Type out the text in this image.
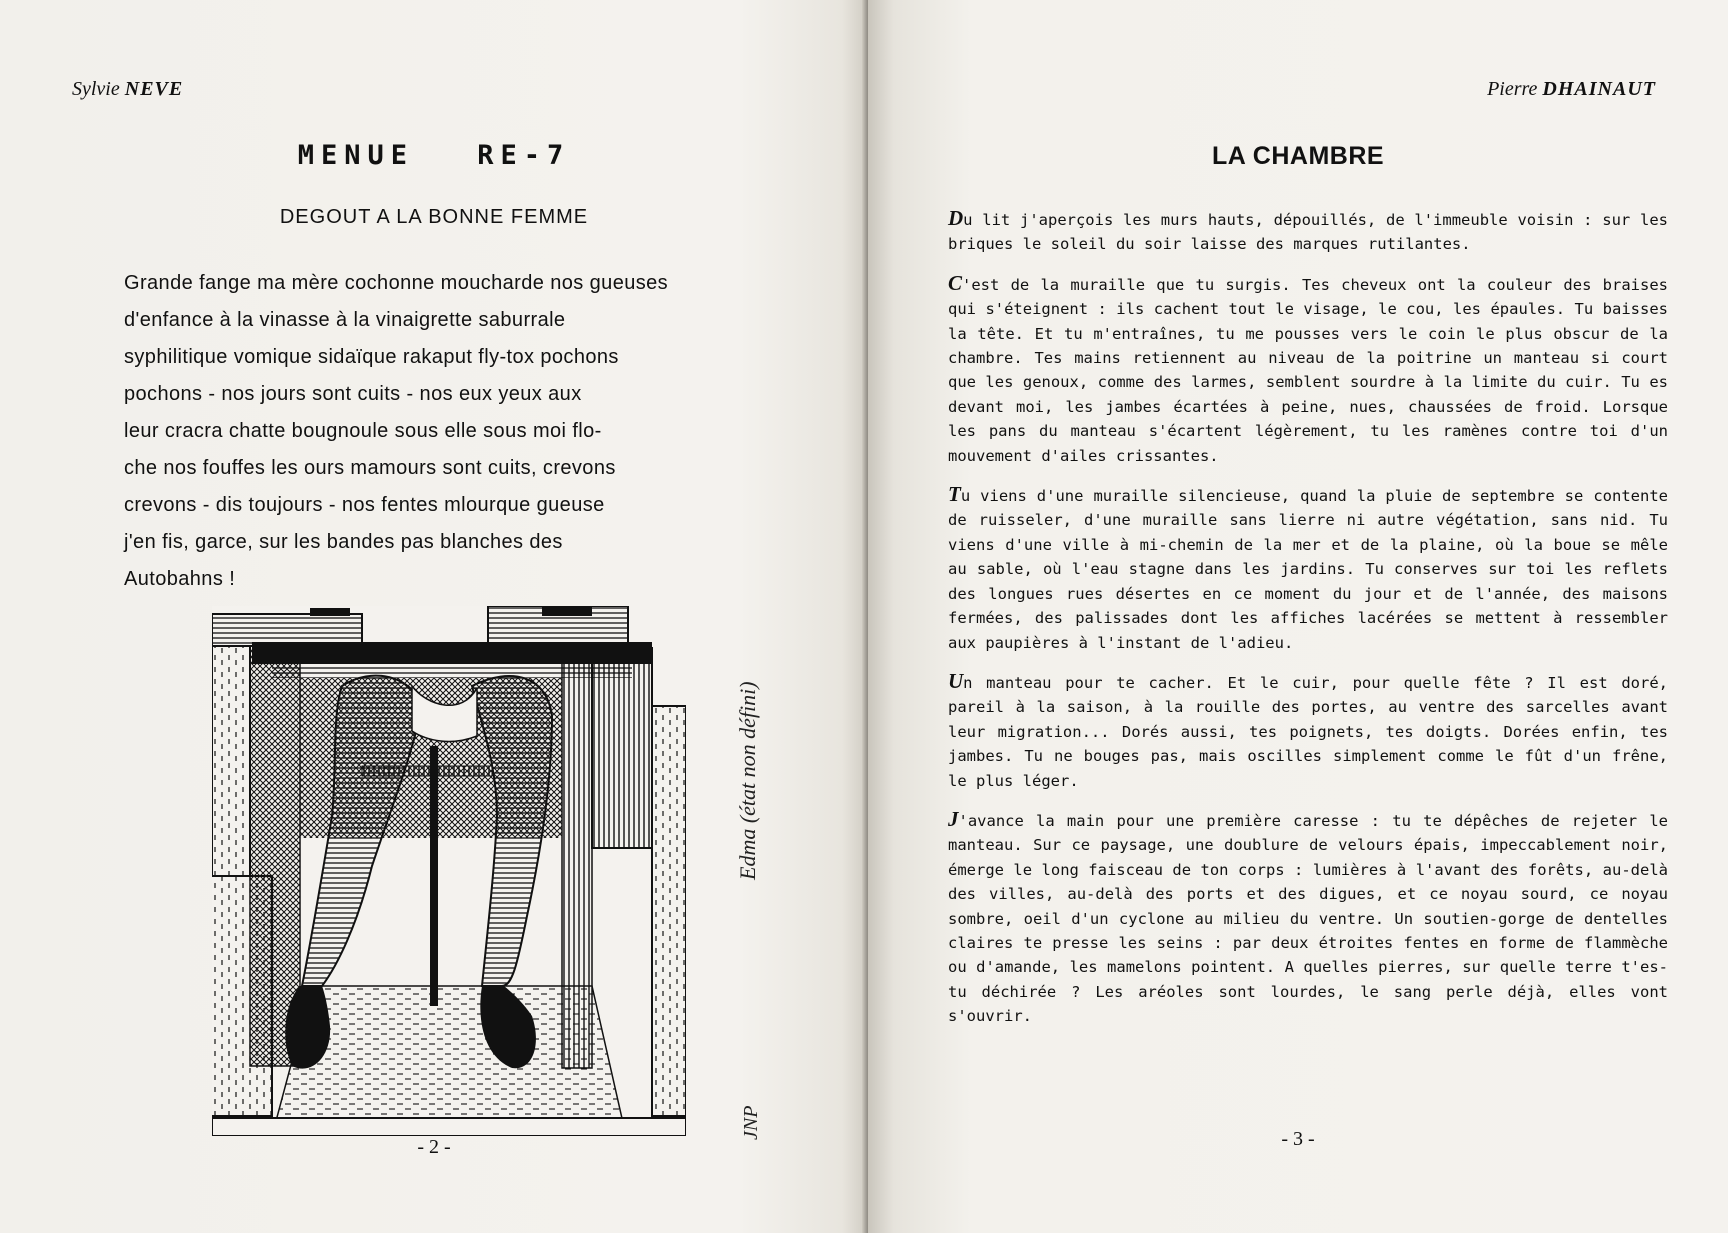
Sylvie NEVE
MENUE RE-7
DEGOUT A LA BONNE FEMME
Grande fange ma mère cochonne moucharde nos gueuses
d'enfance à la vinasse à la vinaigrette saburrale
syphilitique vomique sidaïque rakaput fly-tox pochons
pochons - nos jours sont cuits - nos eux yeux aux
leur cracra chatte bougnoule sous elle sous moi flo-
che nos fouffes les ours mamours sont cuits, crevons
crevons - dis toujours - nos fentes mlourque gueuse
j'en fis, garce, sur les bandes pas blanches des
Autobahns !
Edma (état non défini)
JNP
- 2 -
Pierre DHAINAUT
LA CHAMBRE

Du lit j'aperçois les murs hauts, dépouillés, de l'immeuble voisin : sur les briques le soleil du soir laisse des marques rutilantes.

C'est de la muraille que tu surgis. Tes cheveux ont la couleur des braises qui s'éteignent : ils cachent tout le visage, le cou, les épaules. Tu baisses la tête. Et tu m'entraînes, tu me pousses vers le coin le plus obscur de la chambre. Tes mains retiennent au niveau de la poitrine un manteau si court que les genoux, comme des larmes, semblent sourdre à la limite du cuir. Tu es devant moi, les jambes écartées à peine, nues, chaussées de froid. Lorsque les pans du manteau s'écartent légèrement, tu les ramènes contre toi d'un mouvement d'ailes crissantes.

Tu viens d'une muraille silencieuse, quand la pluie de septembre se contente de ruisseler, d'une muraille sans lierre ni autre végétation, sans nid. Tu viens d'une ville à mi-chemin de la mer et de la plaine, où la boue se mêle au sable, où l'eau stagne dans les jardins. Tu conserves sur toi les reflets des longues rues désertes en ce moment du jour et de l'année, des maisons fermées, des palissades dont les affiches lacérées se mettent à ressembler aux paupières à l'instant de l'adieu.

Un manteau pour te cacher. Et le cuir, pour quelle fête ? Il est doré, pareil à la saison, à la rouille des portes, au ventre des sarcelles avant leur migration... Dorés aussi, tes poignets, tes doigts. Dorées enfin, tes jambes. Tu ne bouges pas, mais oscilles simplement comme le fût d'un frêne, le plus léger.

J'avance la main pour une première caresse : tu te dépêches de rejeter le manteau. Sur ce paysage, une doublure de velours épais, impeccablement noir, émerge le long faisceau de ton corps : lumières à l'avant des forêts, au-delà des villes, au-delà des ports et des digues, et ce noyau sourd, ce noyau sombre, oeil d'un cyclone au milieu du ventre. Un soutien-gorge de dentelles claires te presse les seins : par deux étroites fentes en forme de flammèche ou d'amande, les mamelons pointent. A quelles pierres, sur quelle terre t'es-tu déchirée ? Les aréoles sont lourdes, le sang perle déjà, elles vont s'ouvrir.

- 3 -
